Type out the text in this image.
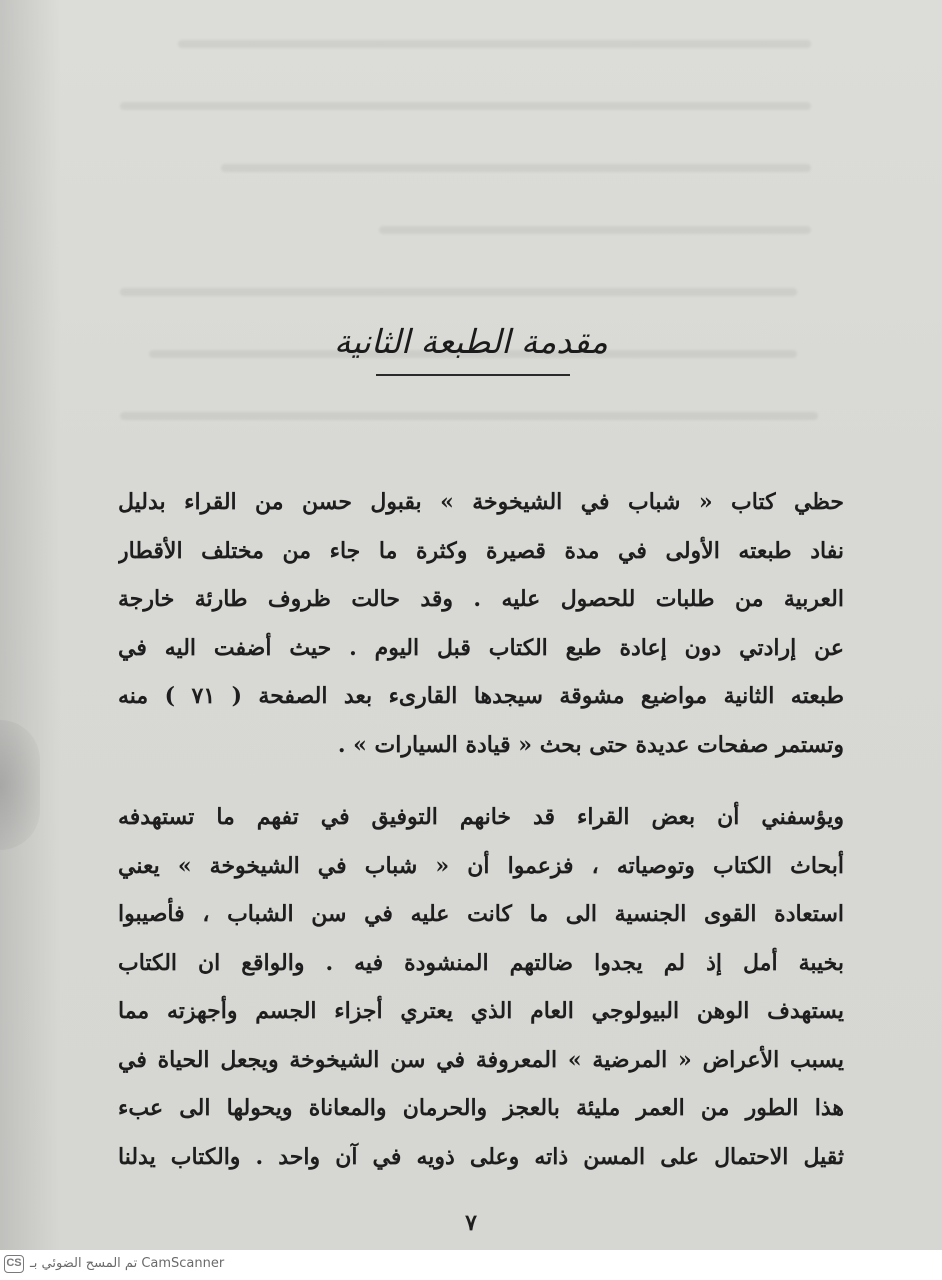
مقدمة الطبعة الثانية

حظي كتاب « شباب في الشيخوخة » بقبول حسن من القراء بدليل
نفاد طبعته الأولى في مدة قصيرة وكثرة ما جاء من مختلف الأقطار
العربية من طلبات للحصول عليه . وقد حالت ظروف طارئة خارجة
عن إرادتي دون إعادة طبع الكتاب قبل اليوم . حيث أضفت اليه في
طبعته الثانية مواضيع مشوقة سيجدها القارىء بعد الصفحة ( ٧١ ) منه
وتستمر صفحات عديدة حتى بحث « قيادة السيارات » .

ويؤسفني أن بعض القراء قد خانهم التوفيق في تفهم ما تستهدفه
أبحاث الكتاب وتوصياته ، فزعموا أن « شباب في الشيخوخة » يعني
استعادة القوى الجنسية الى ما كانت عليه في سن الشباب ، فأصيبوا
بخيبة أمل إذ لم يجدوا ضالتهم المنشودة فيه . والواقع ان الكتاب
يستهدف الوهن البيولوجي العام الذي يعتري أجزاء الجسم وأجهزته مما
يسبب الأعراض « المرضية » المعروفة في سن الشيخوخة ويجعل الحياة في
هذا الطور من العمر مليئة بالعجز والحرمان والمعاناة ويحولها الى عبء
ثقيل الاحتمال على المسن ذاته وعلى ذويه في آن واحد . والكتاب يدلنا

٧
CS تم المسح الضوئي بـ CamScanner
